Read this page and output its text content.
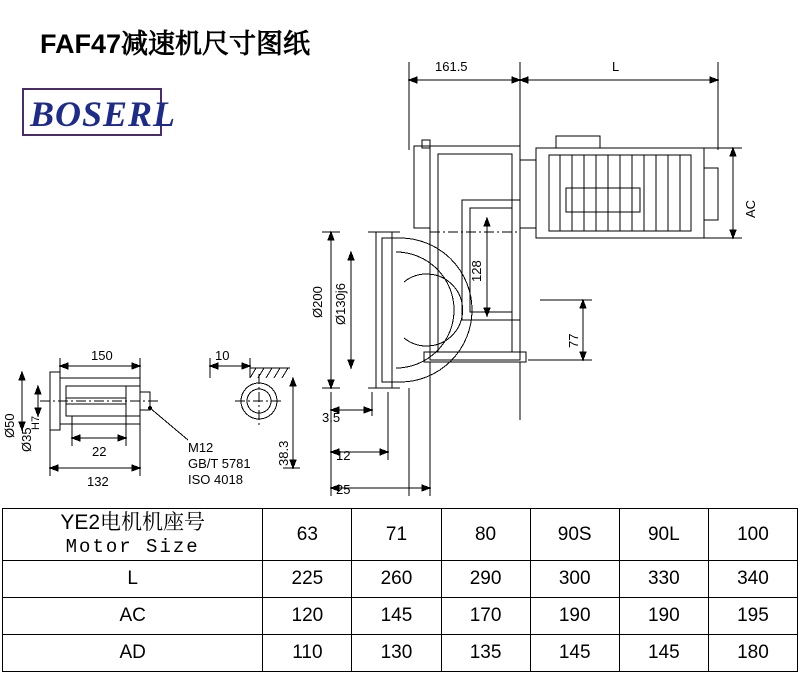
FAF47减速机尺寸图纸
BOSERL
161.5	L
AC
Ø200 Ø130j6
128
77
3.5
12
25
150	10
22
132
38.3
Ø50
Ø35
H7
M12
GB/T 5781
ISO 4018
YE2电机机座号
Motor Size	63	71	80	90S	90L	100
L	225	260	290	300	330	340
AC	120	145	170	190	190	195
AD	110	130	135	145	145	180
